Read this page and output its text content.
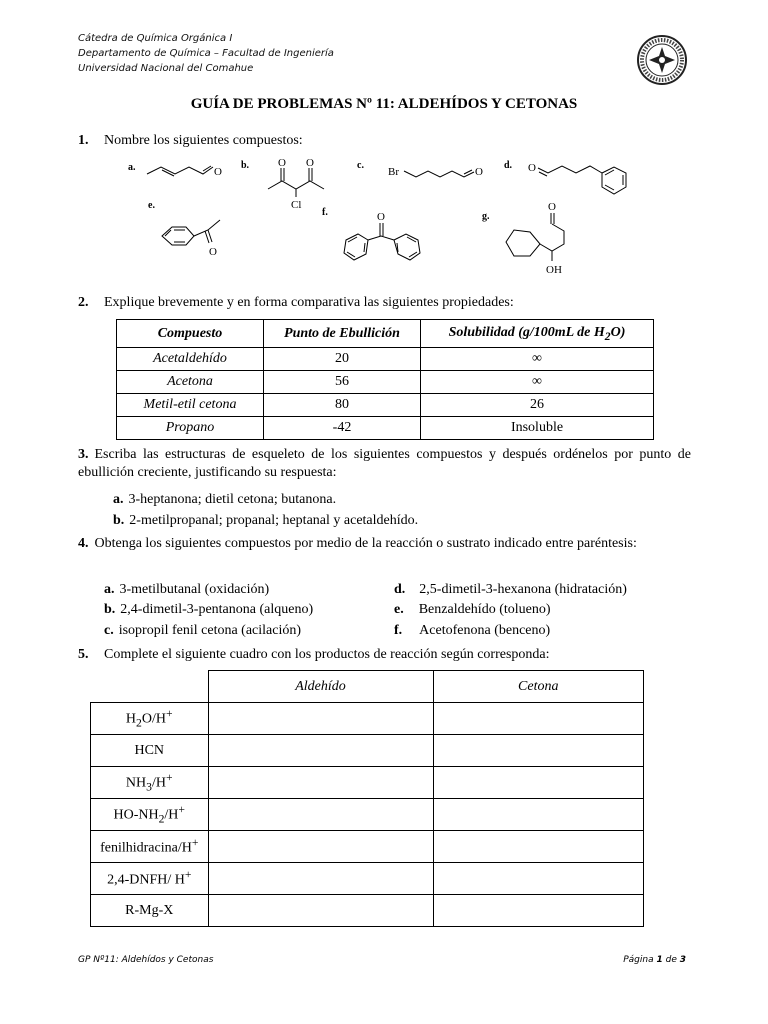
Cátedra de Química Orgánica I
Departamento de Química – Facultad de Ingeniería
Universidad Nacional del Comahue
GUÍA DE PROBLEMAS Nº 11: ALDEHÍDOS Y CETONAS
1.	Nombre los siguientes compuestos:
a.	O
b.	O O
Cl
c.
Br	O
d. O
e.
O
f.	O	g.
O
OH
2.	Explique brevemente y en forma comparativa las siguientes propiedades:
Compuesto	Punto de Ebullición	Solubilidad (g/100mL de $H_2O$)
Acetaldehído	20	∞
Acetona	56	∞
Metil-etil cetona	80	26
Propano	-42	Insoluble
3. Escriba las estructuras de esqueleto de los siguientes compuestos y después ordénelos por punto de ebullición creciente, justificando su respuesta:
a. 3-heptanona; dietil cetona; butanona.
b. 2-metilpropanal; propanal; heptanal y acetaldehído.
4. Obtenga los siguientes compuestos por medio de la reacción o sustrato indicado entre paréntesis:
a. 3-metilbutanal (oxidación)
b. 2,4-dimetil-3-pentanona (alqueno)
c. isopropil fenil cetona (acilación)
d. 2,5-dimetil-3-hexanona (hidratación)
e. Benzaldehído (tolueno)
f. Acetofenona (benceno)
5.	Complete el siguiente cuadro con los productos de reacción según corresponda:
	Aldehído	Cetona
$H_2O/H^+$		
HCN		
$NH_3/H^+$		
$HO-NH_2/H^+$		
fenilhidracina/H+		
2,4-DNFH/ H+		
R-Mg-X		
GP Nº11: Aldehídos y Cetonas	Página 1 de 3
